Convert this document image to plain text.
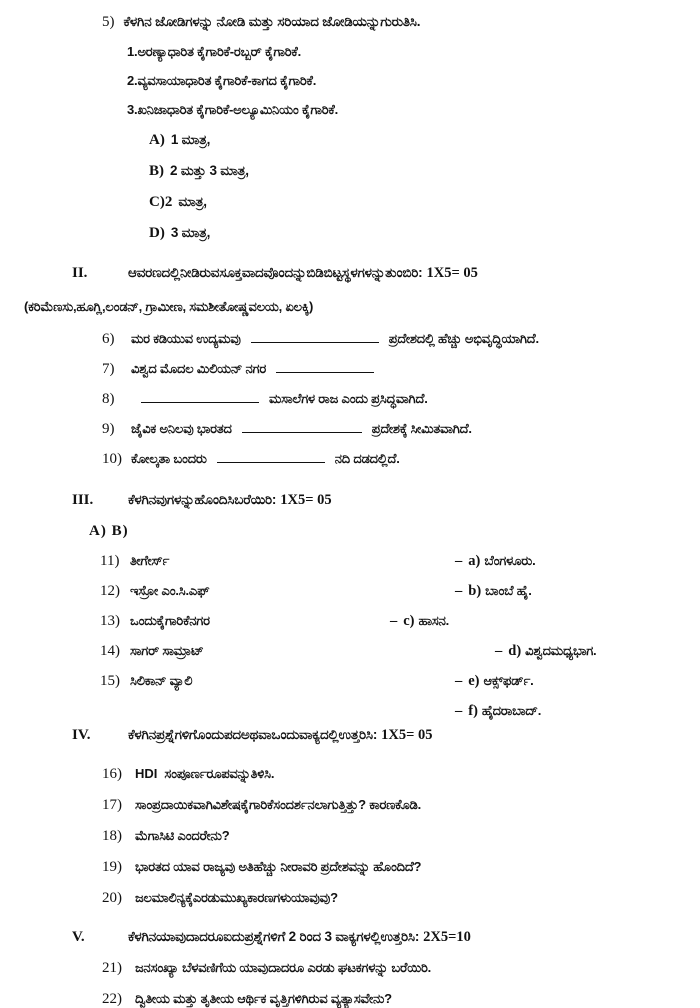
5) ಕೆಳಗಿನ ಜೋಡಿಗಳನ್ನು ನೋಡಿ ಮತ್ತು ಸರಿಯಾದ ಜೋಡಿಯನ್ನುಗುರುತಿಸಿ.
1.ಅರಣ್ಯಾಧಾರಿತ ಕೈಗಾರಿಕೆ-ರಬ್ಬರ್ ಕೈಗಾರಿಕೆ.
2.ವ್ಯವಸಾಯಾಧಾರಿತ ಕೈಗಾರಿಕೆ-ಕಾಗದ ಕೈಗಾರಿಕೆ.
3.ಖನಿಜಾಧಾರಿತ ಕೈಗಾರಿಕೆ-ಅಲ್ಯೂಮಿನಿಯಂ ಕೈಗಾರಿಕೆ.
A) 1 ಮಾತ್ರ,
B) 2 ಮತ್ತು 3 ಮಾತ್ರ,
C)2 ಮಾತ್ರ,
D) 3 ಮಾತ್ರ,
II.	ಆವರಣದಲ್ಲಿನೀಡಿರುವಸೂಕ್ತವಾದವೊಂದನ್ನುಬಿಡಿಬಿಟ್ಟಸ್ಥಳಗಳನ್ನುತುಂಬಿರಿ: 1X5= 05
(ಕರಿಮೆಣಸು,ಹೂಗ್ಲಿ,ಲಂಡನ್, ಗ್ರಾಮೀಣ, ಸಮಶೀತೋಷ್ಣವಲಯ, ಏಲಕ್ಕಿ)
6)	ಮರ ಕಡಿಯುವ ಉದ್ಯಮವು	ಪ್ರದೇಶದಲ್ಲಿ ಹೆಚ್ಚು ಅಭಿವೃದ್ಧಿಯಾಗಿದೆ.
7)	ವಿಶ್ವದ ಮೊದಲ ಮಿಲಿಯನ್ ನಗರ
8)	ಮಸಾಲೆಗಳ ರಾಜ ಎಂದು ಪ್ರಸಿದ್ಧವಾಗಿದೆ.
9)	ಜೈವಿಕ ಅನಿಲವು ಭಾರತದ	ಪ್ರದೇಶಕ್ಕೆ ಸೀಮಿತವಾಗಿದೆ.
10) ಕೋಲ್ಕತಾ ಬಂದರು	ನದಿ ದಡದಲ್ಲಿದೆ.
III.	ಕೆಳಗಿನವುಗಳನ್ನುಹೊಂದಿಸಿಬರೆಯಿರಿ: 1X5= 05
A) B)
11) ತೀಗೇರ್ಸ್	– a) ಬೆಂಗಳೂರು.
12) ಇಸ್ರೋ ಎಂ.ಸಿ.ಎಫ್	– b) ಬಾಂಬೆ ಹೈ.
13) ಒಂದುಕೈಗಾರಿಕೆನಗರ	– c) ಹಾಸನ.
14) ಸಾಗರ್ ಸಾಮ್ರಾಟ್	– d) ವಿಶ್ವದಮಧ್ಯಭಾಗ.
15) ಸಿಲಿಕಾನ್ ವ್ಯಾಲಿ	– e) ಆಕ್ಸ್‌ಫರ್ಡ್.
– f) ಹೈದರಾಬಾದ್.
IV.	ಕೆಳಗಿನಪ್ರಶ್ನೆಗಳಿಗೊಂದುಪದಅಥವಾಒಂದುವಾಕ್ಯದಲ್ಲಿಉತ್ತರಿಸಿ: 1X5= 05
16)	HDI ಸಂಪೂರ್ಣರೂಪವನ್ನುತಿಳಿಸಿ.
17)	ಸಾಂಪ್ರದಾಯಿಕವಾಗಿವಿಶೇಷಕೈಗಾರಿಕೆಸಂದರ್ಶನಲಾಗುತ್ತಿತ್ತು? ಕಾರಣಕೊಡಿ.
18)	ಮೆಗಾಸಿಟಿ ಎಂದರೇನು?
19)	ಭಾರತದ ಯಾವ ರಾಜ್ಯವು ಅತಿಹೆಚ್ಚು ನೀರಾವರಿ ಪ್ರದೇಶವನ್ನು ಹೊಂದಿದೆ?
20)	ಜಲಮಾಲಿನ್ಯಕ್ಕೆಎರಡುಮುಖ್ಯಕಾರಣಗಳುಯಾವುವು?
V.	ಕೆಳಗಿನಯಾವುದಾದರೂಐದುಪ್ರಶ್ನೆಗಳಿಗೆ 2 ರಿಂದ 3 ವಾಕ್ಯಗಳಲ್ಲಿಉತ್ತರಿಸಿ: 2X5=10
21)	ಜನಸಂಖ್ಯಾ ಬೆಳವಣಿಗೆಯ ಯಾವುದಾದರೂ ಎರಡು ಘಟಕಗಳನ್ನು ಬರೆಯಿರಿ.
22)	ದ್ವಿತೀಯ ಮತ್ತು ತೃತೀಯ ಆರ್ಥಿಕ ವೃತ್ತಿಗಳಿಗಿರುವ ವ್ಯತ್ಯಾಸವೇನು?
